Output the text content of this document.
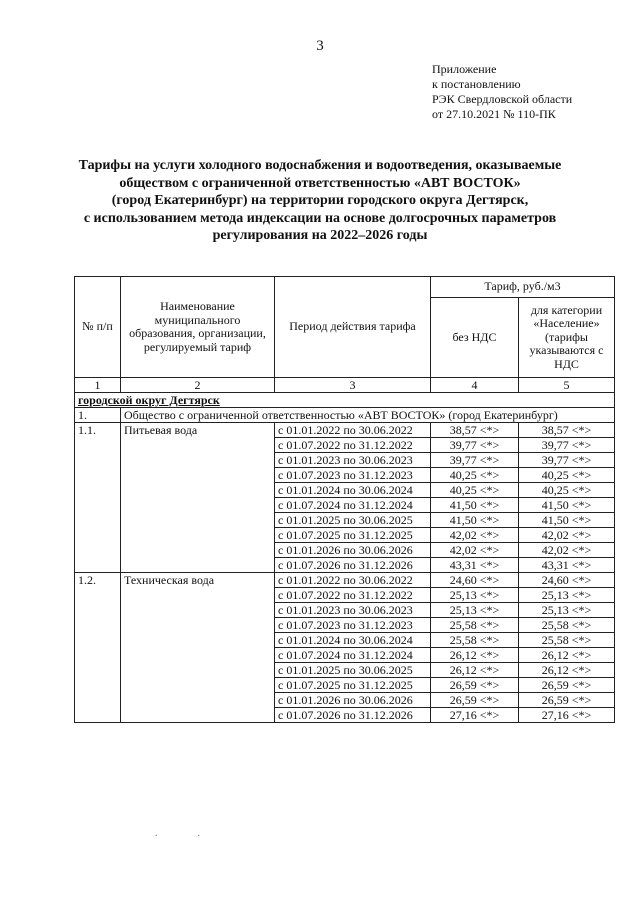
3
Приложение
к постановлению
РЭК Свердловской области
от 27.10.2021 № 110-ПК
Тарифы на услуги холодного водоснабжения и водоотведения, оказываемые
обществом с ограниченной ответственностью «АВТ ВОСТОК»
(город Екатеринбург) на территории городского округа Дегтярск,
с использованием метода индексации на основе долгосрочных параметров
регулирования на 2022–2026 годы
№ п/п	Наименование муниципального образования, организации, регулируемый тариф	Период действия тарифа	Тариф, руб./м3	
			без НДС	для категории «Население» (тарифы указываются с НДС
1	2	3	4	5
городской округ Дегтярск				
1.	Общество с ограниченной ответственностью «АВТ ВОСТОК» (город Екатеринбург)			
1.1.	Питьевая вода	с 01.01.2022 по 30.06.2022	38,57 <*>	38,57 <*>
		с 01.07.2022 по 31.12.2022	39,77 <*>	39,77 <*>
		с 01.01.2023 по 30.06.2023	39,77 <*>	39,77 <*>
		с 01.07.2023 по 31.12.2023	40,25 <*>	40,25 <*>
		с 01.01.2024 по 30.06.2024	40,25 <*>	40,25 <*>
		с 01.07.2024 по 31.12.2024	41,50 <*>	41,50 <*>
		с 01.01.2025 по 30.06.2025	41,50 <*>	41,50 <*>
		с 01.07.2025 по 31.12.2025	42,02 <*>	42,02 <*>
		с 01.01.2026 по 30.06.2026	42,02 <*>	42,02 <*>
		с 01.07.2026 по 31.12.2026	43,31 <*>	43,31 <*>
1.2.	Техническая вода	с 01.01.2022 по 30.06.2022	24,60 <*>	24,60 <*>
		с 01.07.2022 по 31.12.2022	25,13 <*>	25,13 <*>
		с 01.01.2023 по 30.06.2023	25,13 <*>	25,13 <*>
		с 01.07.2023 по 31.12.2023	25,58 <*>	25,58 <*>
		с 01.01.2024 по 30.06.2024	25,58 <*>	25,58 <*>
		с 01.07.2024 по 31.12.2024	26,12 <*>	26,12 <*>
		с 01.01.2025 по 30.06.2025	26,12 <*>	26,12 <*>
		с 01.07.2025 по 31.12.2025	26,59 <*>	26,59 <*>
		с 01.01.2026 по 30.06.2026	26,59 <*>	26,59 <*>
		с 01.07.2026 по 31.12.2026	27,16 <*>	27,16 <*>
..
